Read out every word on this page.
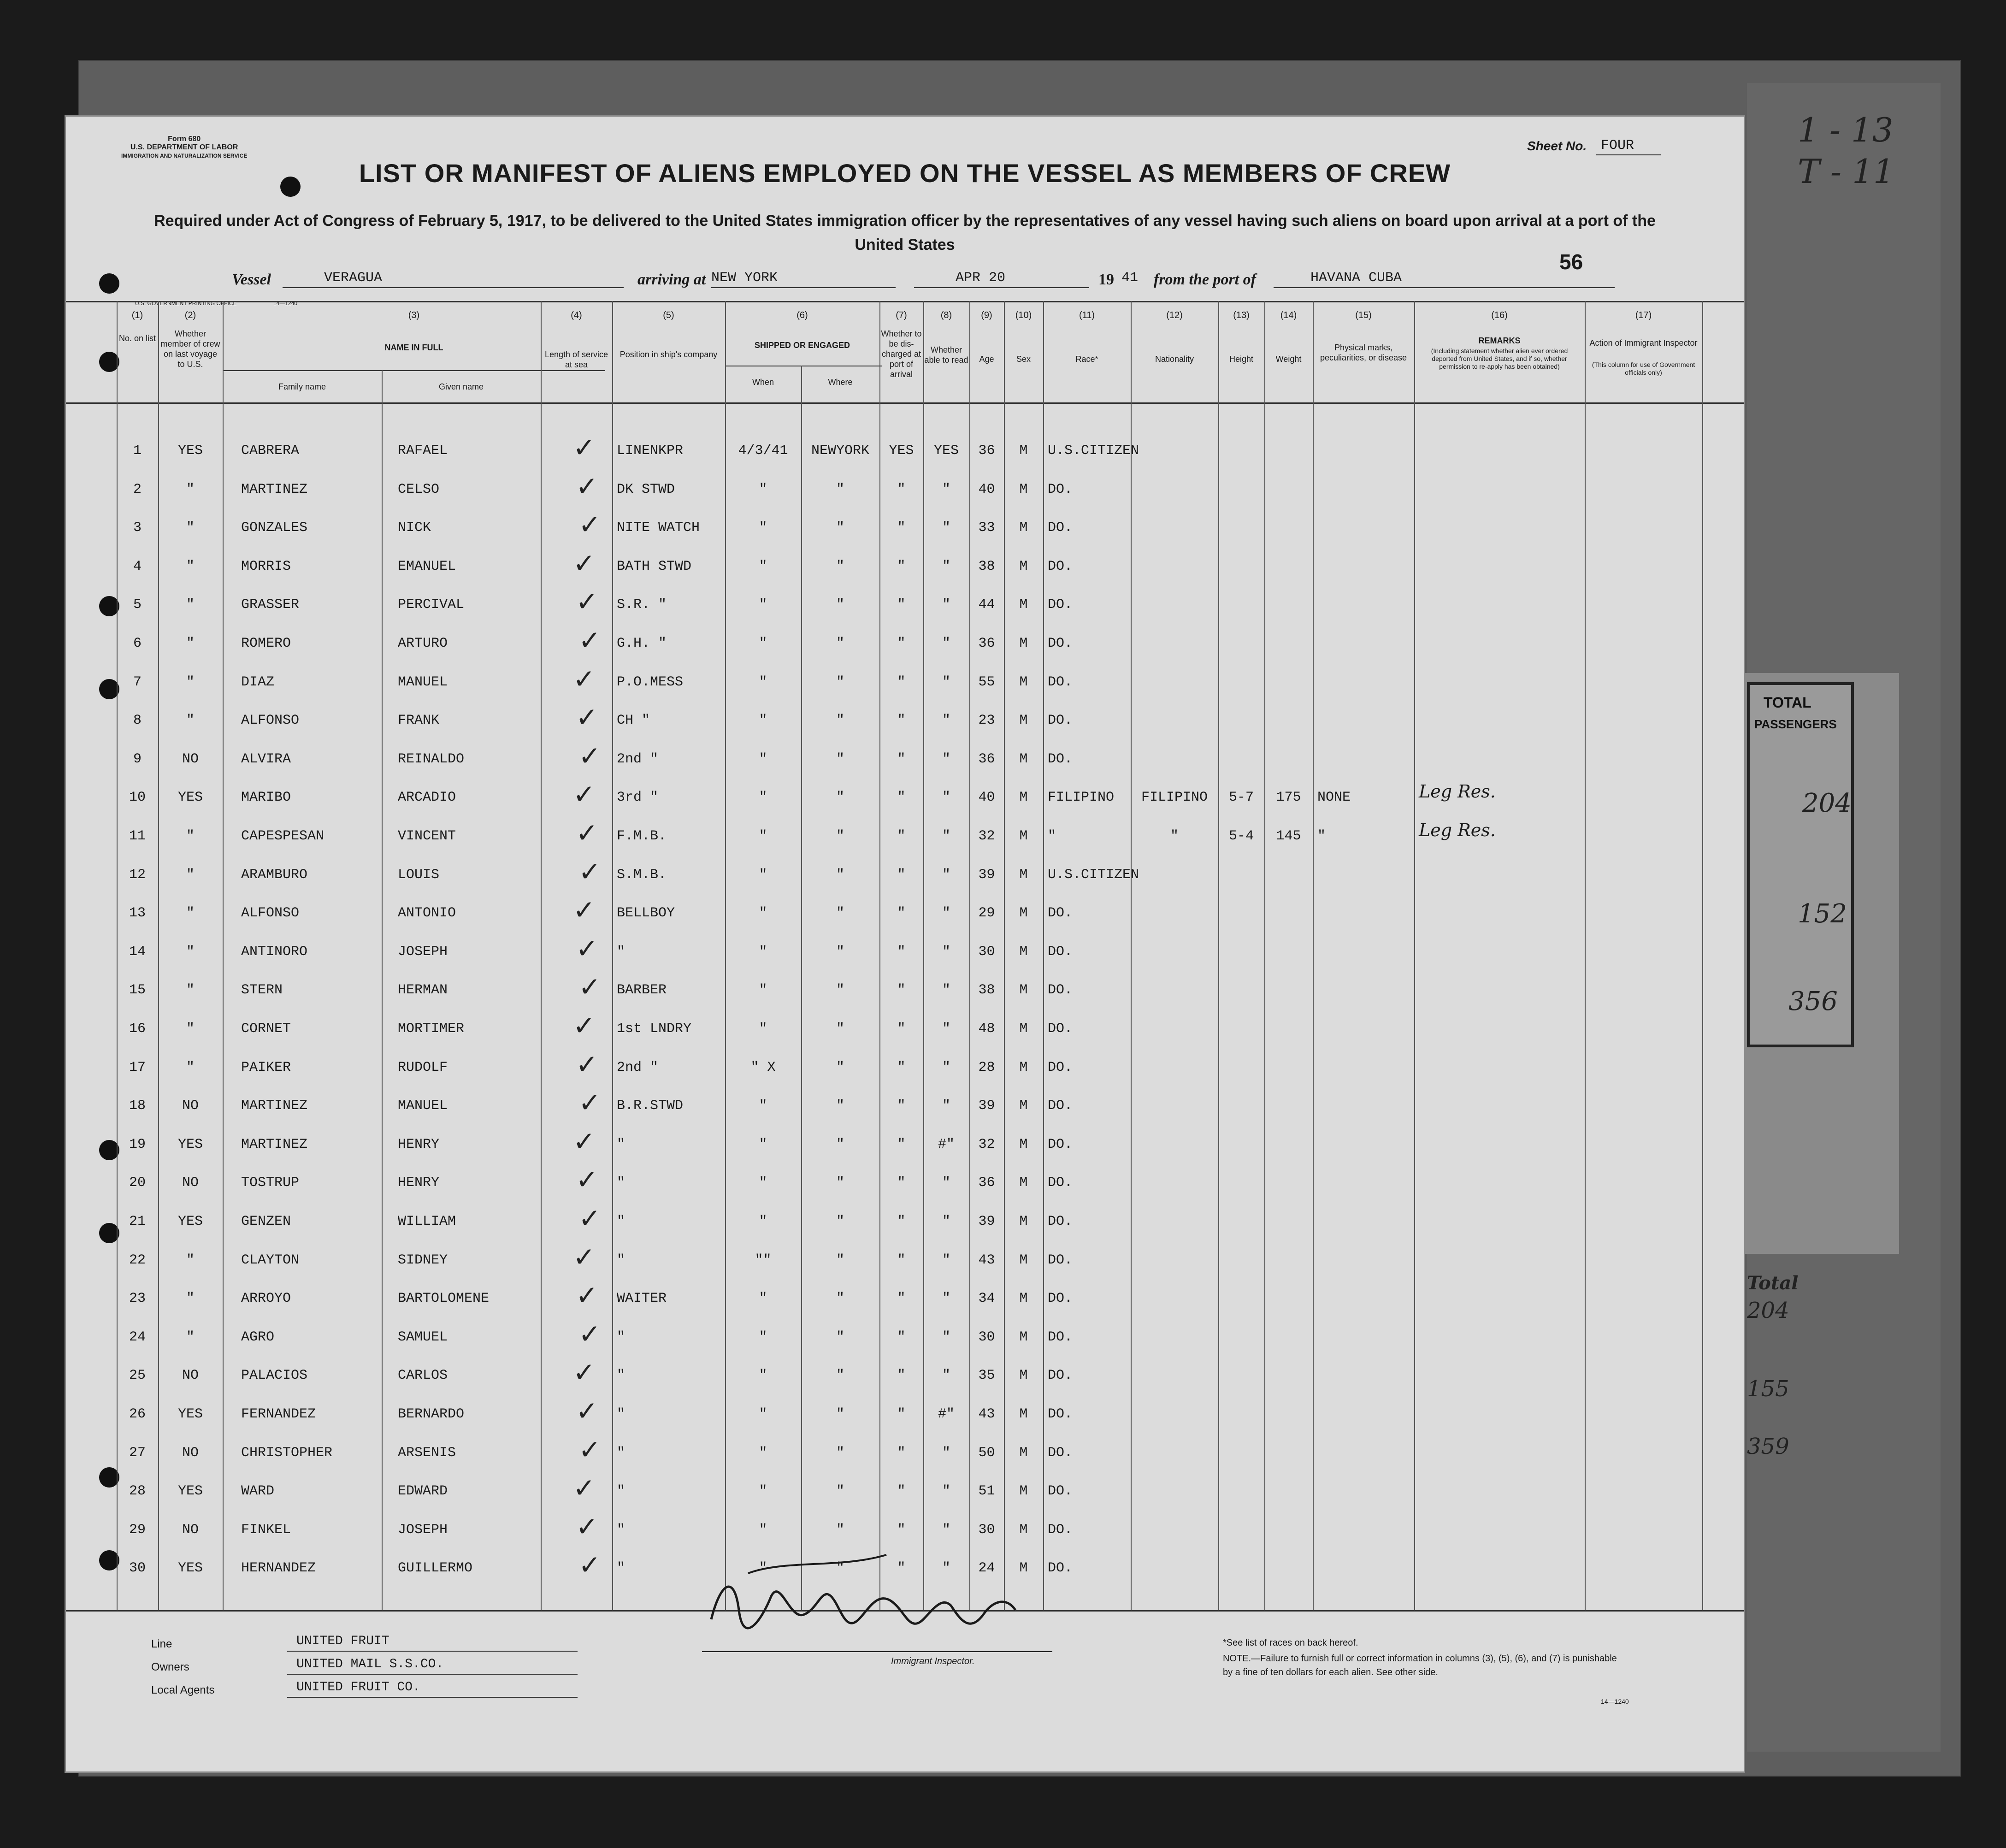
TOTAL
PASSENGERS
204
152
356
Total
204
155
359
1 - 13
T - 11
Form 680
U.S. DEPARTMENT OF LABOR
IMMIGRATION AND NATURALIZATION SERVICE
Sheet No. FOUR
LIST OR MANIFEST OF ALIENS EMPLOYED ON THE VESSEL AS MEMBERS OF CREW
Required under Act of Congress of February 5, 1917, to be delivered to the United States immigration officer by the representatives of any vessel having such aliens on board upon arrival at a port of the United States
56
Vessel	VERAGUA	arriving at NEW YORK	APR 20	19 41 from the port of	HAVANA CUBA
U.S. GOVERNMENT PRINTING OFFICE	14—1240
(1)	(2)	(3)	(4)	(5)	(6)	(7)	(8)	(9)	(10)	(11)	(12)	(13)	(14)	(15)	(16)	(17)
No. on list	Whether member of crew on last voyage to U.S.
NAME IN FULL
Family name	Given name
Length of service at sea
Position in ship's company
SHIPPED OR ENGAGED
When	Where
Whether to be dis-charged at port of arrival
Whether able to read	Age	Sex	Race*	Nationality	Height	Weight
Physical marks, peculiarities, or disease
REMARKS
(Including statement whether alien ever ordered deported from United States, and if so, whether permission to re-apply has been obtained)
Action of Immigrant Inspector
(This column for use of Government officials only)
1	YES	CABRERA	RAFAEL	LINENKPR	4/3/41	NEWYORK	YES	YES	36	M	U.S.CITIZEN
✓
2	"	MARTINEZ	CELSO	DK STWD	"	"	"	"	40	M	DO.
✓
3	"	GONZALES	NICK	NITE WATCH	"	"	"	"	33	M	DO.
✓
4	"	MORRIS	EMANUEL	BATH STWD	"	"	"	"	38	M	DO.
✓
5	"	GRASSER	PERCIVAL	S.R. "	"	"	"	"	44	M	DO.
✓
6	"	ROMERO	ARTURO	G.H. "	"	"	"	"	36	M	DO.
✓
7	"	DIAZ	MANUEL	P.O.MESS	"	"	"	"	55	M	DO.
✓
8	"	ALFONSO	FRANK	CH "	"	"	"	"	23	M	DO.
✓
9	NO	ALVIRA	REINALDO	2nd "	"	"	"	"	36	M	DO.
✓
10	YES	MARIBO	ARCADIO	3rd "	"	"	"	"	40	M	FILIPINO	FILIPINO	5-7	175	NONE	Leg Res.
✓
11	"	CAPESPESAN	VINCENT	F.M.B.	"	"	"	"	32	M	"	"	5-4	145	"	Leg Res.
✓
12	"	ARAMBURO	LOUIS	S.M.B.	"	"	"	"	39	M	U.S.CITIZEN
✓
13	"	ALFONSO	ANTONIO	BELLBOY	"	"	"	"	29	M	DO.
✓
14	"	ANTINORO	JOSEPH	"	"	"	"	"	30	M	DO.
✓
15	"	STERN	HERMAN	BARBER	"	"	"	"	38	M	DO.
✓
16	"	CORNET	MORTIMER	1st LNDRY	"	"	"	"	48	M	DO.
✓
17	"	PAIKER	RUDOLF	2nd "	" X	"	"	"	28	M	DO.
✓
18	NO	MARTINEZ	MANUEL	B.R.STWD	"	"	"	"	39	M	DO.
✓
19	YES	MARTINEZ	HENRY	"	"	"	"	#"	32	M	DO.
✓
20	NO	TOSTRUP	HENRY	"	"	"	"	"	36	M	DO.
✓
21	YES	GENZEN	WILLIAM	"	"	"	"	"	39	M	DO.
✓
22	"	CLAYTON	SIDNEY	"	""	"	"	"	43	M	DO.
✓
23	"	ARROYO	BARTOLOMENE	WAITER	"	"	"	"	34	M	DO.
✓
24	"	AGRO	SAMUEL	"	"	"	"	"	30	M	DO.
✓
25	NO	PALACIOS	CARLOS	"	"	"	"	"	35	M	DO.
✓
26	YES	FERNANDEZ	BERNARDO	"	"	"	"	#"	43	M	DO.
✓
27	NO	CHRISTOPHER	ARSENIS	"	"	"	"	"	50	M	DO.
✓
28	YES	WARD	EDWARD	"	"	"	"	"	51	M	DO.
✓
29	NO	FINKEL	JOSEPH	"	"	"	"	"	30	M	DO.
✓
30	YES	HERNANDEZ	GUILLERMO	"	"	"	"	"	24	M	DO.
✓
Line	UNITED FRUIT
Owners	UNITED MAIL S.S.CO.
Local Agents	UNITED FRUIT CO.
Immigrant Inspector.
*See list of races on back hereof.
NOTE.—Failure to furnish full or correct information in columns (3), (5), (6), and (7) is punishable by a fine of ten dollars for each alien. See other side.
14—1240
